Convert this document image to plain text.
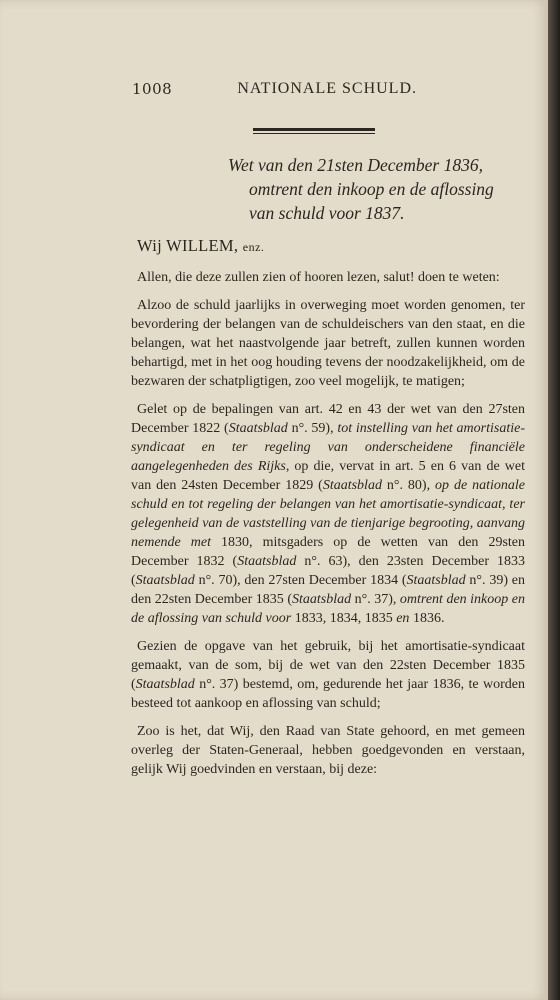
1008	NATIONALE SCHULD.
Wet van den 21sten December 1836,
omtrent den inkoop en de aflossing
van schuld voor 1837.
Wij WILLEM, enz.

Allen, die deze zullen zien of hooren lezen, salut! doen te weten:

Alzoo de schuld jaarlijks in overweging moet worden genomen, ter bevordering der belangen van de schuldeischers van den staat, en die belangen, wat het naastvolgende jaar betreft, zullen kunnen worden behartigd, met in het oog houding tevens der noodzakelijkheid, om de bezwaren der schatpligtigen, zoo veel mogelijk, te matigen;

Gelet op de bepalingen van art. 42 en 43 der wet van den 27sten December 1822 (Staatsblad n°. 59), tot instelling van het amortisatie-syndicaat en ter regeling van onderscheidene financiële aangelegenheden des Rijks, op die, vervat in art. 5 en 6 van de wet van den 24sten December 1829 (Staatsblad n°. 80), op de nationale schuld en tot regeling der belangen van het amortisatie-syndicaat, ter gelegenheid van de vaststelling van de tienjarige begrooting, aanvang nemende met 1830, mitsgaders op de wetten van den 29sten December 1832 (Staatsblad n°. 63), den 23sten December 1833 (Staatsblad n°. 70), den 27sten December 1834 (Staatsblad n°. 39) en den 22sten December 1835 (Staatsblad n°. 37), omtrent den inkoop en de aflossing van schuld voor 1833, 1834, 1835 en 1836.

Gezien de opgave van het gebruik, bij het amortisatie-syndicaat gemaakt, van de som, bij de wet van den 22sten December 1835 (Staatsblad n°. 37) bestemd, om, gedurende het jaar 1836, te worden besteed tot aankoop en aflossing van schuld;

Zoo is het, dat Wij, den Raad van State gehoord, en met gemeen overleg der Staten-Generaal, hebben goedgevonden en verstaan, gelijk Wij goedvinden en verstaan, bij deze:
